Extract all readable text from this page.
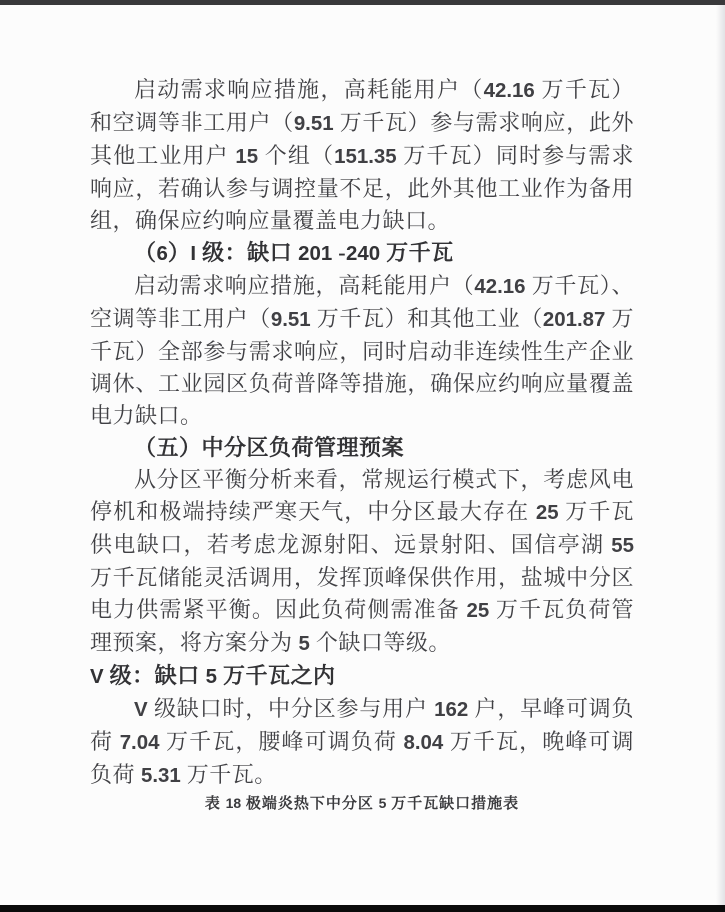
启动需求响应措施，高耗能用户（42.16 万千瓦）和空调等非工用户（9.51 万千瓦）参与需求响应，此外其他工业用户 15 个组（151.35 万千瓦）同时参与需求响应，若确认参与调控量不足，此外其他工业作为备用组，确保应约响应量覆盖电力缺口。

（6）I 级：缺口 201 -240 万千瓦

启动需求响应措施，高耗能用户（42.16 万千瓦）、空调等非工用户（9.51 万千瓦）和其他工业（201.87 万千瓦）全部参与需求响应，同时启动非连续性生产企业调休、工业园区负荷普降等措施，确保应约响应量覆盖电力缺口。

（五）中分区负荷管理预案

从分区平衡分析来看，常规运行模式下，考虑风电停机和极端持续严寒天气，中分区最大存在 25 万千瓦供电缺口，若考虑龙源射阳、远景射阳、国信亭湖 55 万千瓦储能灵活调用，发挥顶峰保供作用，盐城中分区电力供需紧平衡。因此负荷侧需准备 25 万千瓦负荷管理预案，将方案分为 5 个缺口等级。

V 级：缺口 5 万千瓦之内

V 级缺口时，中分区参与用户 162 户，早峰可调负荷 7.04 万千瓦，腰峰可调负荷 8.04 万千瓦，晚峰可调负荷 5.31 万千瓦。

表 18 极端炎热下中分区 5 万千瓦缺口措施表
